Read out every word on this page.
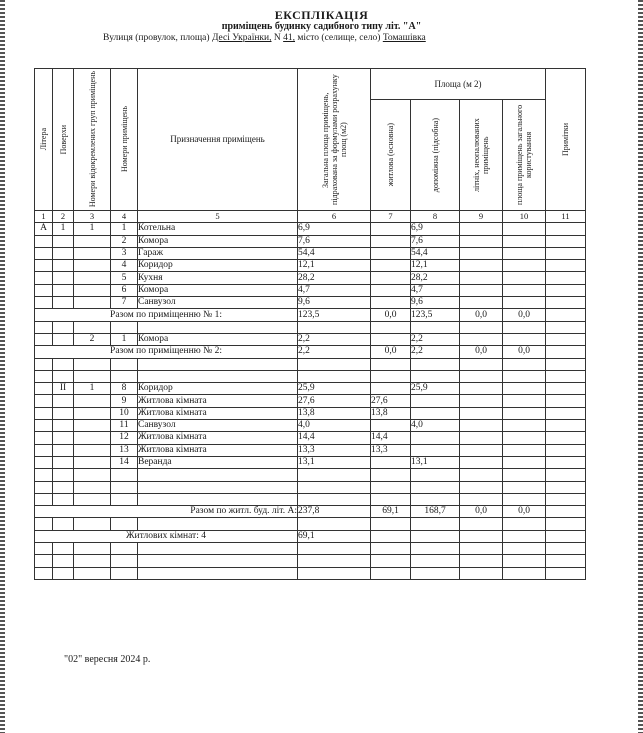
ЕКСПЛІКАЦІЯ
приміщень будинку садибного типу літ. "А"
Вулиця (провулок, площа) Десі Українки, N 41, місто (селище, село) Томашівка
Літера	Поверхи	Номери відокремлених груп приміщень	Номери приміщень	Призначення приміщень	Загальна площа приміщень, підрахована за формулами розрахунку площ (м2)	Площа (м 2)				Примітки

						житлова (основна)	допоміжна (підсобна)	літніх, неопалюваних приміщень	площа приміщень загального користування	

1	2	3	4	5	6	7	8	9	10	11
А	1	1	1	Котельна	6,9		6,9			
			2	Комора	7,6		7,6			
			3	Гараж	54,4		54,4			
			4	Коридор	12,1		12,1			
			5	Кухня	28,2		28,2			
			6	Комора	4,7		4,7			
			7	Санвузол	9,6		9,6			
Разом по приміщенню № 1:					123,5	0,0	123,5	0,0	0,0	

		2	1	Комора	2,2		2,2			
Разом по приміщенню № 2:					2,2	0,0	2,2	0,0	0,0	

	II	1	8	Коридор	25,9		25,9			
			9	Житлова кімната	27,6	27,6				
			10	Житлова кімната	13,8	13,8				
			11	Санвузол	4,0		4,0			
			12	Житлова кімната	14,4	14,4				
			13	Житлова кімната	13,3	13,3				
			14	Веранда	13,1		13,1			

Разом по житл. буд. літ. А:					237,8	69,1	168,7	0,0	0,0	

Житлових кімнат: 4					69,1					

"02" вересня 2024 р.
